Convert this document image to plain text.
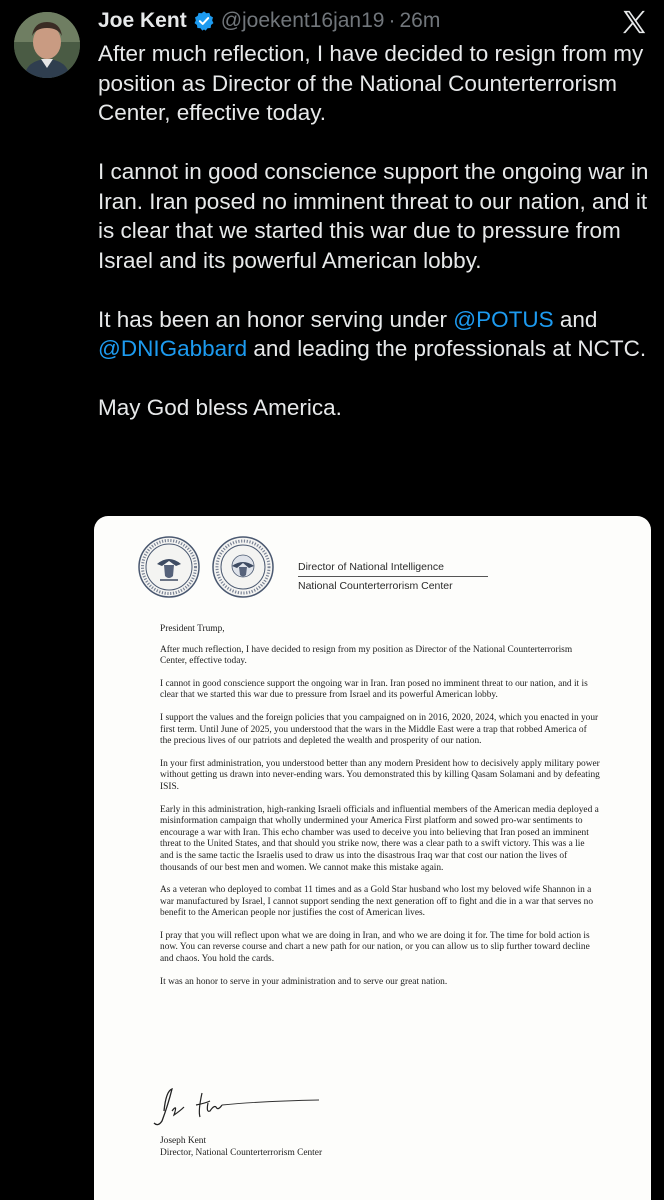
Joe Kent @joekent16jan19 · 26m

After much reflection, I have decided to resign from my position as Director of the National Counterterrorism Center, effective today.

I cannot in good conscience support the ongoing war in Iran. Iran posed no imminent threat to our nation, and it is clear that we started this war due to pressure from Israel and its powerful American lobby.

It has been an honor serving under @POTUS and @DNIGabbard and leading the professionals at NCTC.

May God bless America.

Director of National Intelligence
National Counterterrorism Center
President Trump,
After much reflection, I have decided to resign from my position as Director of the National Counterterrorism Center, effective today.
I cannot in good conscience support the ongoing war in Iran. Iran posed no imminent threat to our nation, and it is clear that we started this war due to pressure from Israel and its powerful American lobby.
I support the values and the foreign policies that you campaigned on in 2016, 2020, 2024, which you enacted in your first term. Until June of 2025, you understood that the wars in the Middle East were a trap that robbed America of the precious lives of our patriots and depleted the wealth and prosperity of our nation.
In your first administration, you understood better than any modern President how to decisively apply military power without getting us drawn into never-ending wars. You demonstrated this by killing Qasam Solamani and by defeating ISIS.
Early in this administration, high-ranking Israeli officials and influential members of the American media deployed a misinformation campaign that wholly undermined your America First platform and sowed pro-war sentiments to encourage a war with Iran. This echo chamber was used to deceive you into believing that Iran posed an imminent threat to the United States, and that should you strike now, there was a clear path to a swift victory. This was a lie and is the same tactic the Israelis used to draw us into the disastrous Iraq war that cost our nation the lives of thousands of our best men and women. We cannot make this mistake again.
As a veteran who deployed to combat 11 times and as a Gold Star husband who lost my beloved wife Shannon in a war manufactured by Israel, I cannot support sending the next generation off to fight and die in a war that serves no benefit to the American people nor justifies the cost of American lives.
I pray that you will reflect upon what we are doing in Iran, and who we are doing it for. The time for bold action is now. You can reverse course and chart a new path for our nation, or you can allow us to slip further toward decline and chaos. You hold the cards.
It was an honor to serve in your administration and to serve our great nation.
Joseph Kent
Director, National Counterterrorism Center
